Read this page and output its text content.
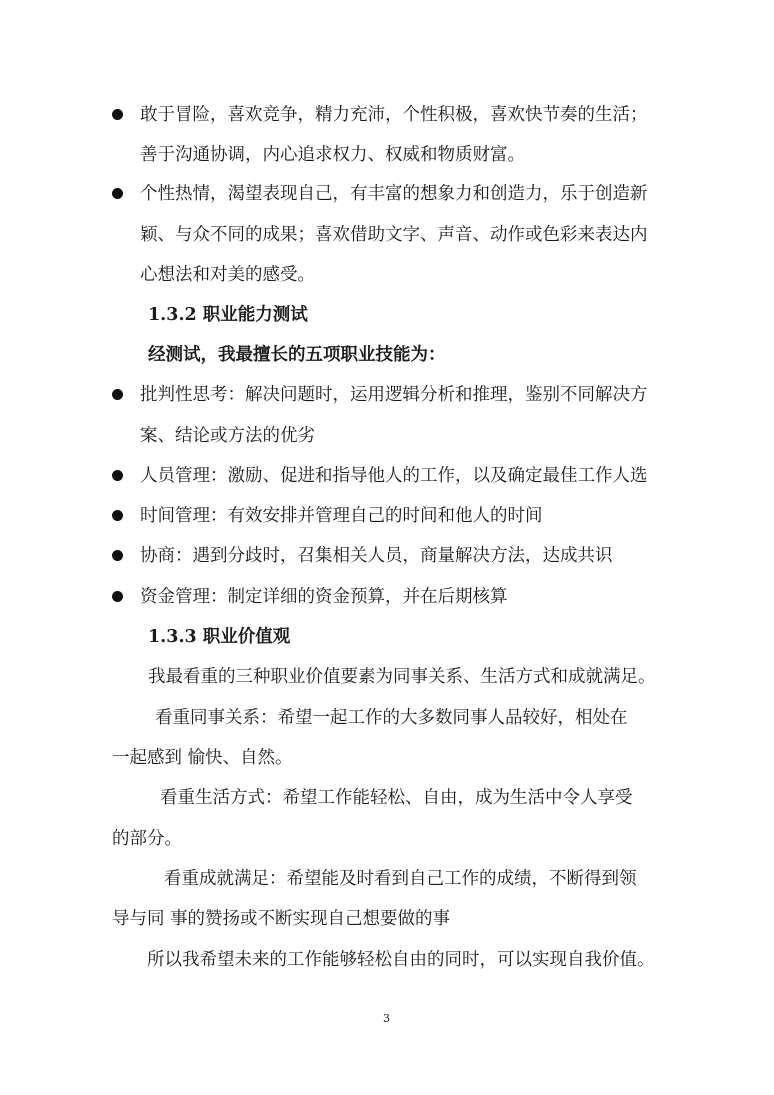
敢于冒险，喜欢竞争，精力充沛，个性积极，喜欢快节奏的生活；
善于沟通协调，内心追求权力、权威和物质财富。
个性热情，渴望表现自己，有丰富的想象力和创造力，乐于创造新
颖、与众不同的成果；喜欢借助文字、声音、动作或色彩来表达内
心想法和对美的感受。
1.3.2 职业能力测试
经测试，我最擅长的五项职业技能为：
批判性思考：解决问题时，运用逻辑分析和推理，鉴别不同解决方
案、结论或方法的优劣
人员管理：激励、促进和指导他人的工作，以及确定最佳工作人选
时间管理：有效安排并管理自己的时间和他人的时间
协商：遇到分歧时，召集相关人员，商量解决方法，达成共识
资金管理：制定详细的资金预算，并在后期核算
1.3.3 职业价值观
我最看重的三种职业价值要素为同事关系、生活方式和成就满足。
看重同事关系：希望一起工作的大多数同事人品较好，相处在
一起感到 愉快、自然。
看重生活方式：希望工作能轻松、自由，成为生活中令人享受
的部分。
看重成就满足：希望能及时看到自己工作的成绩，不断得到领
导与同 事的赞扬或不断实现自己想要做的事
所以我希望未来的工作能够轻松自由的同时，可以实现自我价值。
3
